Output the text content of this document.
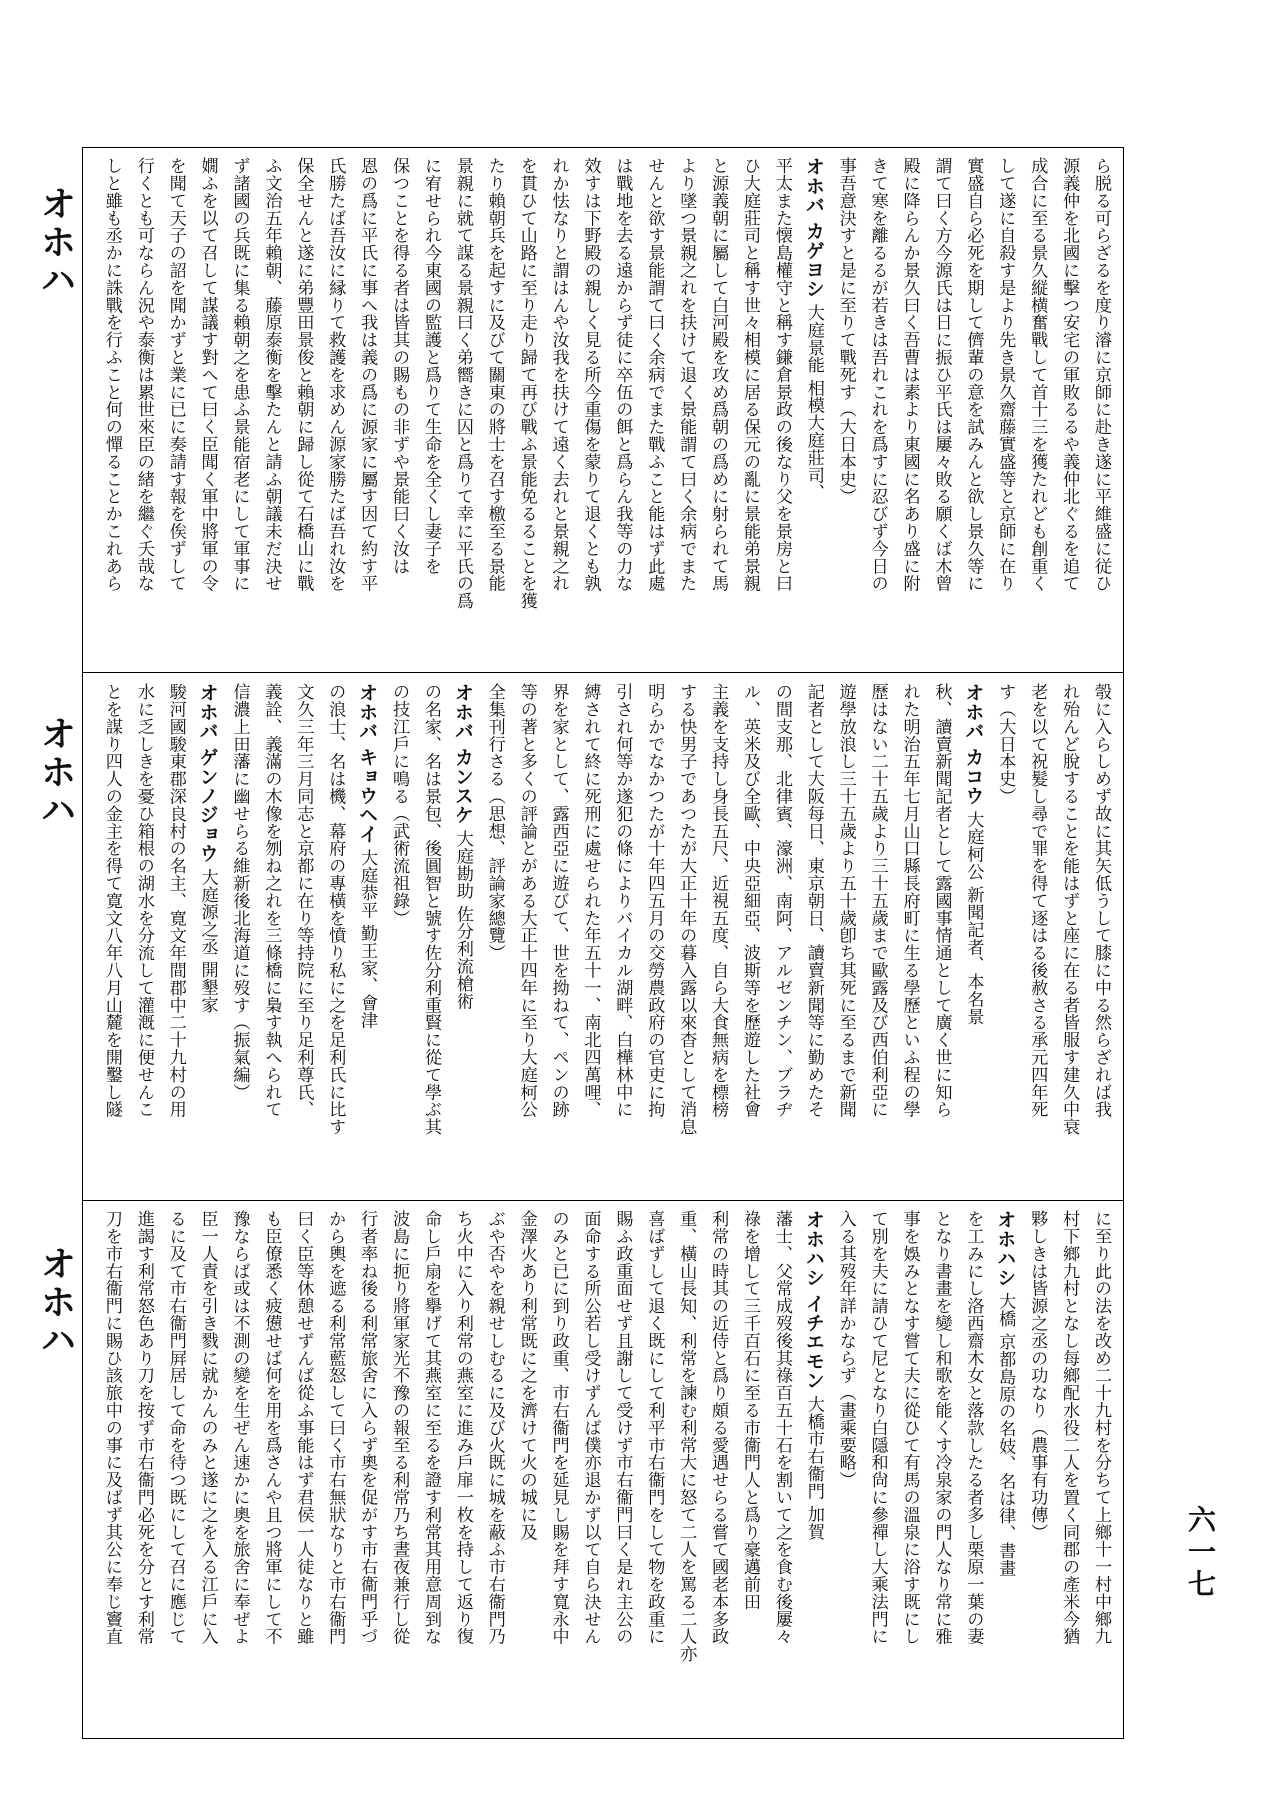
オホハ
オホハ
オホハ
六一七
ら脱る可らざるを度り濬に京師に赴き遂に平維盛に従ひ
源義仲を北國に擊つ安宅の軍敗るるや義仲北ぐるを追て
成合に至る景久縦横奮戰して首十三を獲たれども創重く
して遂に自殺す是より先き景久齋藤實盛等と京師に在り
實盛自ら必死を期して儕輩の意を試みんと欲し景久等に
謂て曰く方今源氏は日に振ひ平氏は屢々敗る願くば木曾
殿に降らんか景久曰く吾曹は素より東國に名あり盛に附
きて寒を離るるが若きは吾れこれを爲すに忍びず今日の
事吾意決すと是に至りて戰死す（大日本史）
オホバ カゲヨシ 大庭景能 相模大庭莊司、
平太また懐島權守と稱す鎌倉景政の後なり父を景房と曰
ひ大庭莊司と稱す世々相模に居る保元の亂に景能弟景親
と源義朝に屬して白河殿を攻め爲朝の爲めに射られて馬
より墜つ景親之れを扶けて退く景能謂て曰く余病でまた
せんと欲す景能謂て曰く余病でまた戰ふこと能はず此處
は戰地を去る遠からず徒に卒伍の餌と爲らん我等の力な
效すは下野殿の親しく見る所今重傷を蒙りて退くとも孰
れか怯なりと謂はんや汝我を扶けて遠く去れと景親之れ
を貫ひて山路に至り走り歸て再び戰ふ景能免るることを獲
たり賴朝兵を起すに及びて關東の將士を召す檄至る景能
景親に就て謀る景親曰く弟嚮きに囚と爲りて幸に平氏の爲
に宥せられ今東國の監護と爲りて生命を全くし妻子を
保つことを得る者は皆其の賜もの非ずや景能曰く汝は
恩の爲に平氏に事へ我は義の爲に源家に屬す因て約す平
氏勝たば吾汝に縁りて救護を求めん源家勝たば吾れ汝を
保全せんと遂に弟豐田景俊と賴朝に歸し從て石橋山に戰
ふ文治五年賴朝、藤原泰衡を擊たんと請ふ朝議未だ決せ
ず諸國の兵既に集る賴朝之を患ふ景能宿老にして軍事に
嫺ふを以て召して謀議す對へて曰く臣聞く軍中將軍の令
を聞て天子の詔を聞かずと業に已に奏請す報を俟ずして
行くとも可ならん況や泰衡は累世來臣の緒を繼ぐ夭哉な
しと雖も丞かに誅戰を行ふこと何の憚ることかこれあら
彀に入らしめず故に其矢低うして膝に中る然らざれば我
れ殆んど脫することを能はずと座に在る者皆服す建久中衰
老を以て祝髮し尋で罪を得て逐はる後赦さる承元四年死
す（大日本史）
オホバ カコウ 大庭柯公 新聞記者、本名景
秋、讀賣新聞記者として露國事情通として廣く世に知ら
れた明治五年七月山口縣長府町に生る學歷といふ程の學
歷はない二十五歲より三十五歲まで歐露及び西伯利亞に
遊學放浪し三十五歲より五十歲卽ち其死に至るまで新聞
記者として大阪每日、東京朝日、讀賣新聞等に勤めたそ
の間支那、北律賓、濠洲、南阿、アルゼンチン、ブラヂ
ル、英米及び全歐、中央亞細亞、波斯等を歷遊した社會
主義を支持し身長五尺、近視五度、自ら大食無病を標榜
する快男子であつたが大正十年の暮入露以來杳として消息
明らかでなかつたが十年四五月の交勞農政府の官吏に拘
引され何等か遂犯の條によりバイカル湖畔、白樺林中に
縛されて終に死刑に處せられた年五十一、南北四萬哩、
界を家として、露西亞に遊びて、世を拗ねて、ペンの跡
等の著と多くの評論とがある大正十四年に至り大庭柯公
全集刊行さる（思想、評論家總覽）
オホバ カンスケ 大庭勘助 佐分利流槍術
の名家、名は景包、後圓智と號す佐分利重賢に從て學ぶ其
の技江戶に鳴る（武術流祖錄）
オホバ キョウヘイ 大庭恭平 勤王家、會津
の浪士、名は機、幕府の專橫を憤り私に之を足利氏に比す
文久三年三月同志と京都に在り等持院に至り足利尊氏、
義詮、義滿の木像を刎ね之れを三條橋に梟す執へられて
信濃上田藩に幽せらる維新後北海道に歿す（振氣編）
オホバ ゲンノジョウ 大庭源之丞 開墾家
駿河國駿東郡深良村の名主、寛文年間郡中二十九村の用
水に乏しきを憂ひ箱根の湖水を分流して灌漑に便せんこ
とを謀り四人の金主を得て寛文八年八月山麓を開鑿し隧
に至り此の法を改め二十九村を分ちて上鄉十一村中鄉九
村下鄉九村となし每鄉配水役二人を置く同郡の產米今猶
夥しきは皆源之丞の功なり（農事有功傳）
オホハシ 大橋 京都島原の名妓、名は律、書畫
を工みにし洛西齋木女と落款したる者多し栗原一葉の妻
となり書畫を變し和歌を能くす冷泉家の門人なり常に雅
事を娛みとなす嘗て夫に從ひて有馬の溫泉に浴す既にし
て別を夫に請ひて尼となり白隱和尙に參禪し大乘法門に
入る其歿年詳かならず（畫乘要略）
オホハシ イチエモン 大橋市右衞門 加賀
藩士、父常成歿後其祿百五十石を割いて之を食む後屢々
祿を增して三千百石に至る市衞門人と爲り豪邁前田
利常の時其の近侍と爲り頗る愛遇せらる嘗て國老本多政
重、橫山長知、利常を諫む利常大に怒て二人を罵る二人亦
喜ばずして退く既にして利平市右衞門をして物を政重に
賜ふ政重面せず且謝して受けず市右衞門曰く是れ主公の
面命する所公若し受けずんば僕亦退かず以て自ら決せん
のみと已に到り政重、市右衞門を延見し賜を拜す寬永中
金澤火あり利常既に之を濟けて火の城に及
ぶや否やを親せしむるに及び火既に城を蔽ふ市右衞門乃
ち火中に入り利常の燕室に進み戶扉一枚を持して返り復
命し戶扇を擧げて其燕室に至るを證す利常其用意周到な
波島に扼り將軍家光不豫の報至る利常乃ち晝夜兼行し從
行者率ね後る利常旅舍に入らず奧を促がす市右衞門乎づ
から輿を遮る利常藍怒して曰く市右無狀なりと市右衞門
曰く臣等休憩せずんば從ふ事能はず君侯一人徒なりと雖
も臣僚悉く疲憊せば何を用を爲さんや且つ將軍にして不
豫ならば或は不測の變を生ぜん速かに奧を旅舍に奉ぜよ
臣一人責を引き戮に就かんのみと遂に之を入る江戶に入
るに及て市右衞門屛居して命を待つ既にして召に應じて
進謁す利常怒色あり刀を按ず市右衞門必死を分とす利常
刀を市右衞門に賜ひ該旅中の事に及ばず其公に奉じ竇直
